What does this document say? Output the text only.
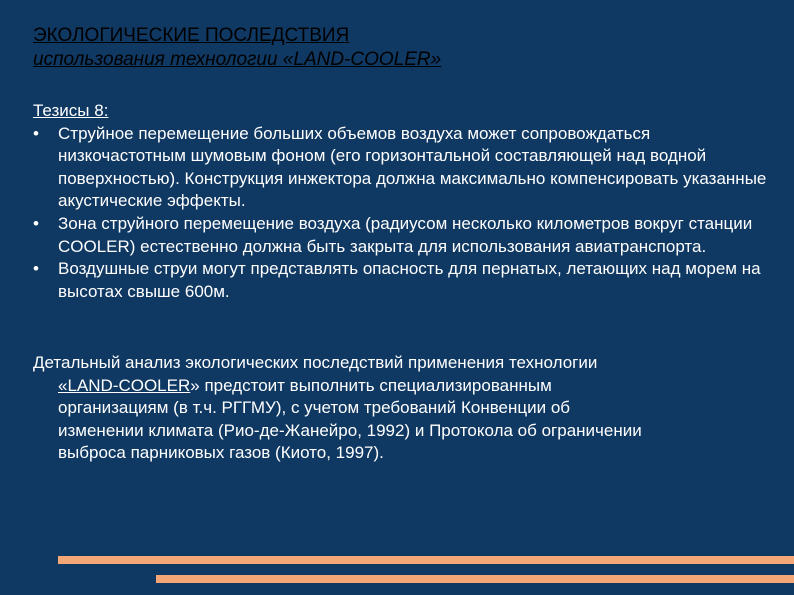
ЭКОЛОГИЧЕСКИЕ ПОСЛЕДСТВИЯ
использования технологии «LAND-COOLER»
Тезисы 8:
•	Струйное перемещение больших объемов воздуха может сопровождаться низкочастотным шумовым фоном (его горизонтальной составляющей над водной поверхностью). Конструкция инжектора должна максимально компенсировать указанные акустические эффекты.
•	Зона струйного перемещение воздуха (радиусом несколько километров вокруг станции COOLER) естественно должна быть закрыта для использования авиатранспорта.
•	Воздушные струи могут представлять опасность для пернатых, летающих над морем на высотах свыше 600м.
Детальный анализ экологических последствий применения технологии
«LAND-COOLER» предстоит выполнить специализированным
организациям (в т.ч. РГГМУ), с учетом требований Конвенции об
изменении климата (Рио-де-Жанейро, 1992) и Протокола об ограничении
выброса парниковых газов (Киото, 1997).
